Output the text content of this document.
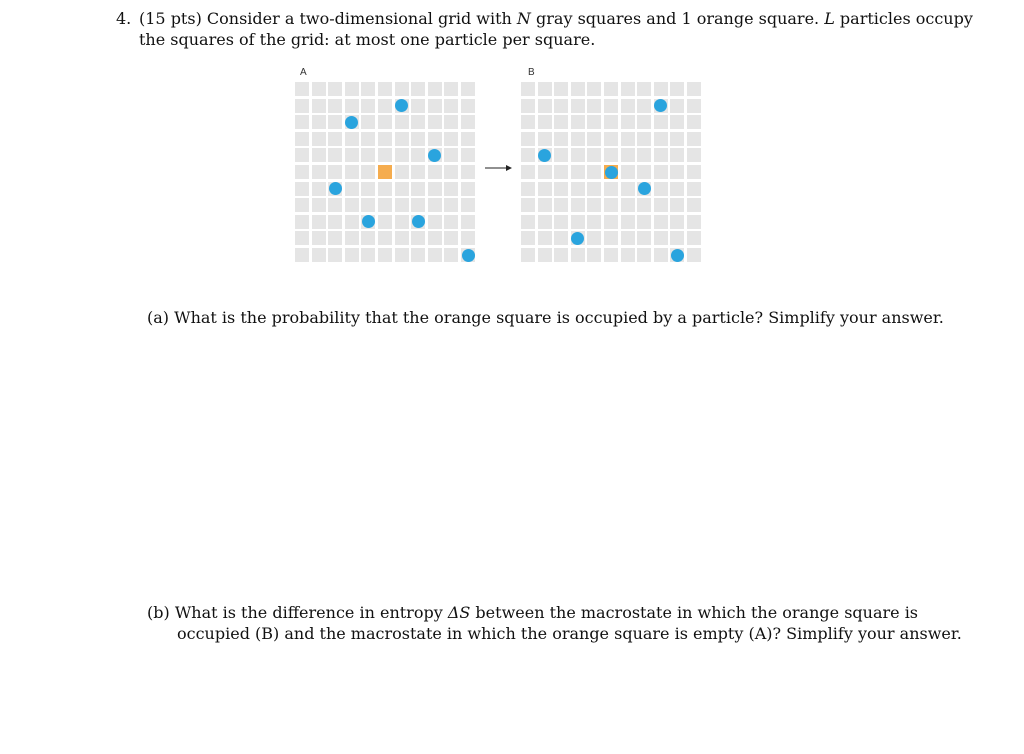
4. (15 pts) Consider a two-dimensional grid with N gray squares and 1 orange square. L particles occupy
the squares of the grid: at most one particle per square.
A	B
(a) What is the probability that the orange square is occupied by a particle? Simplify your answer.
(b) What is the difference in entropy ΔS between the macrostate in which the orange square is
occupied (B) and the macrostate in which the orange square is empty (A)? Simplify your answer.
